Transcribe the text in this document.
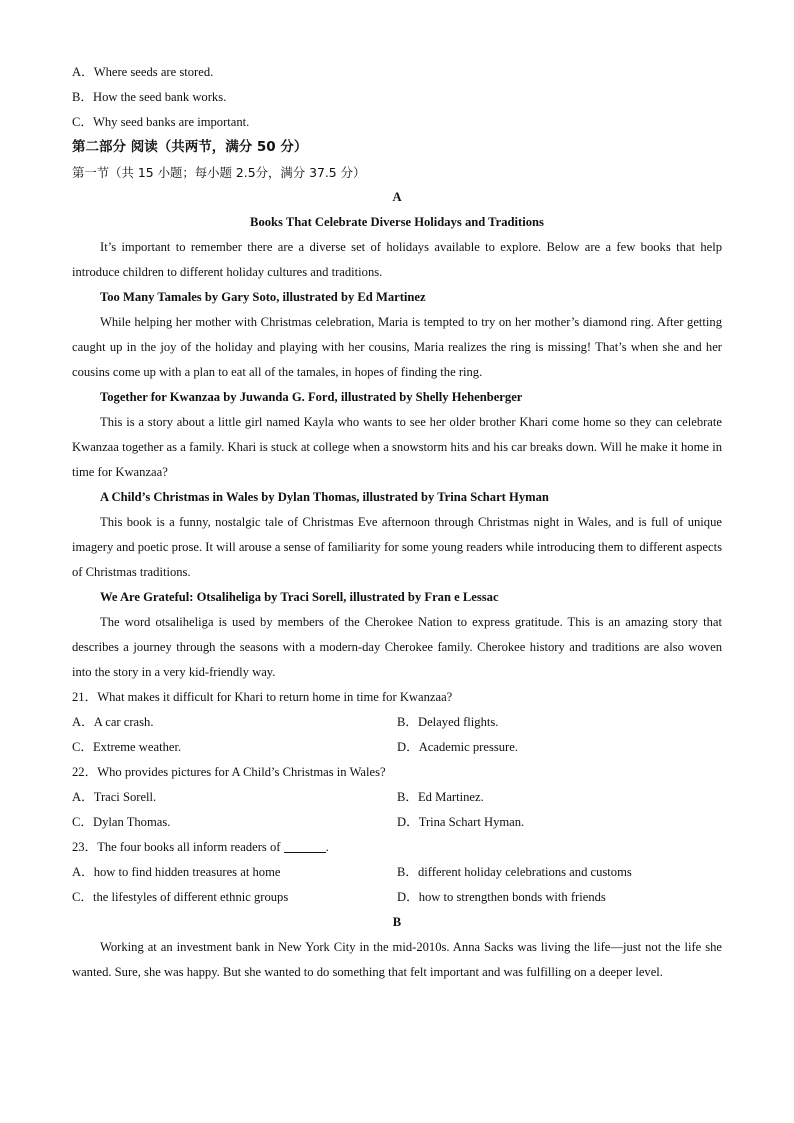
A．Where seeds are stored.
B．How the seed bank works.
C．Why seed banks are important.
第二部分 阅读（共两节，满分 50 分）
第一节（共 15 小题；每小题 2.5分，满分 37.5 分）
A
Books That Celebrate Diverse Holidays and Traditions
It’s important to remember there are a diverse set of holidays available to explore. Below are a few books that help introduce children to different holiday cultures and traditions.
Too Many Tamales by Gary Soto, illustrated by Ed Martinez
While helping her mother with Christmas celebration, Maria is tempted to try on her mother’s diamond ring. After getting caught up in the joy of the holiday and playing with her cousins, Maria realizes the ring is missing! That’s when she and her cousins come up with a plan to eat all of the tamales, in hopes of finding the ring.
Together for Kwanzaa by Juwanda G. Ford, illustrated by Shelly Hehenberger
This is a story about a little girl named Kayla who wants to see her older brother Khari come home so they can celebrate Kwanzaa together as a family. Khari is stuck at college when a snowstorm hits and his car breaks down. Will he make it home in time for Kwanzaa?
A Child’s Christmas in Wales by Dylan Thomas, illustrated by Trina Schart Hyman
This book is a funny, nostalgic tale of Christmas Eve afternoon through Christmas night in Wales, and is full of unique imagery and poetic prose. It will arouse a sense of familiarity for some young readers while introducing them to different aspects of Christmas traditions.
We Are Grateful: Otsaliheliga by Traci Sorell, illustrated by Fran e Lessac
The word otsaliheliga is used by members of the Cherokee Nation to express gratitude. This is an amazing story that describes a journey through the seasons with a modern-day Cherokee family. Cherokee history and traditions are also woven into the story in a very kid-friendly way.
21．What makes it difficult for Khari to return home in time for Kwanzaa?
A．A car crash.	B．Delayed flights.
C．Extreme weather.	D．Academic pressure.
22．Who provides pictures for A Child’s Christmas in Wales?
A．Traci Sorell.	B．Ed Martinez.
C．Dylan Thomas.	D．Trina Schart Hyman.
23．The four books all inform readers of	.
A．how to find hidden treasures at home	B．different holiday celebrations and customs
C．the lifestyles of different ethnic groups	D．how to strengthen bonds with friends
B
Working at an investment bank in New York City in the mid-2010s. Anna Sacks was living the life—just not the life she wanted. Sure, she was happy. But she wanted to do something that felt important and was fulfilling on a deeper level.
